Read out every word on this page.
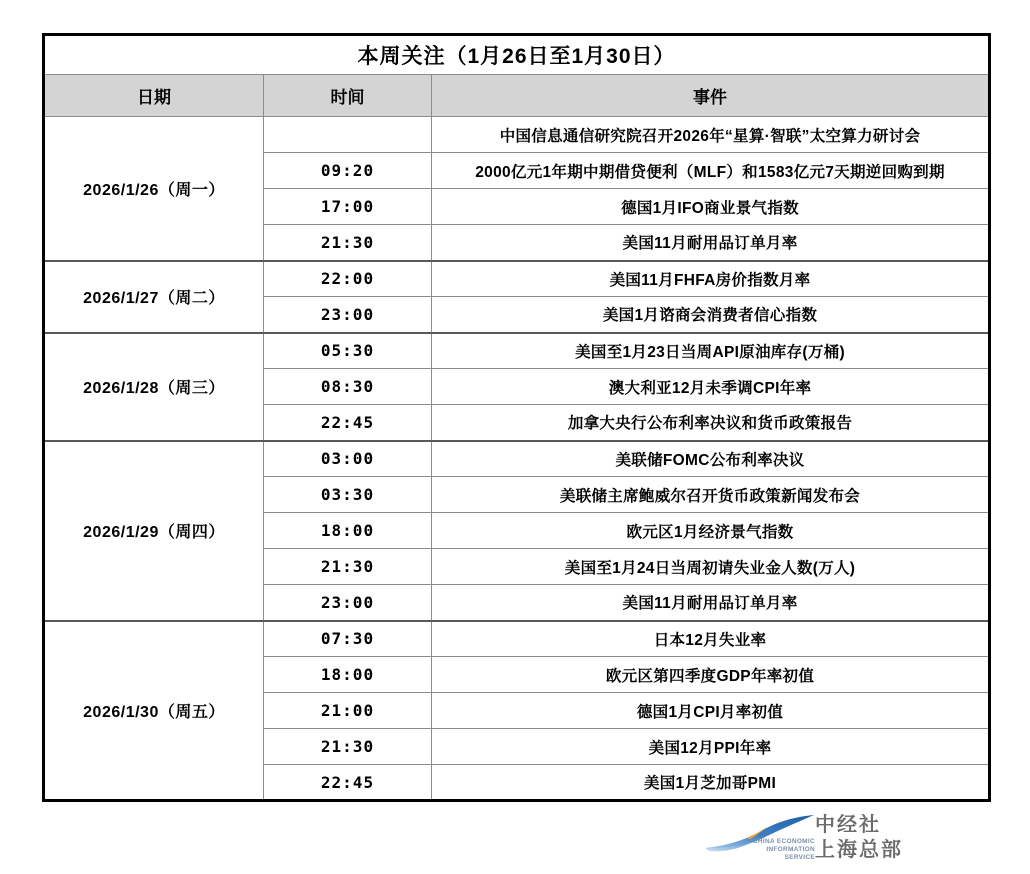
本周关注（1月26日至1月30日）		
日期	时间	事件
2026/1/26（周一）		中国信息通信研究院召开2026年“星算·智联”太空算力研讨会
	09:20	2000亿元1年期中期借贷便利（MLF）和1583亿元7天期逆回购到期
	17:00	德国1月IFO商业景气指数
	21:30	美国11月耐用品订单月率
2026/1/27（周二）	22:00	美国11月FHFA房价指数月率
	23:00	美国1月谘商会消费者信心指数
2026/1/28（周三）	05:30	美国至1月23日当周API原油库存(万桶)
	08:30	澳大利亚12月未季调CPI年率
	22:45	加拿大央行公布利率决议和货币政策报告
2026/1/29（周四）	03:00	美联储FOMC公布利率决议
	03:30	美联储主席鲍威尔召开货币政策新闻发布会
	18:00	欧元区1月经济景气指数
	21:30	美国至1月24日当周初请失业金人数(万人)
	23:00	美国11月耐用品订单月率
2026/1/30（周五）	07:30	日本12月失业率
	18:00	欧元区第四季度GDP年率初值
	21:00	德国1月CPI月率初值
	21:30	美国12月PPI年率
	22:45	美国1月芝加哥PMI
CHINA ECONOMIC
INFORMATION SERVICE
中经社
上海总部
